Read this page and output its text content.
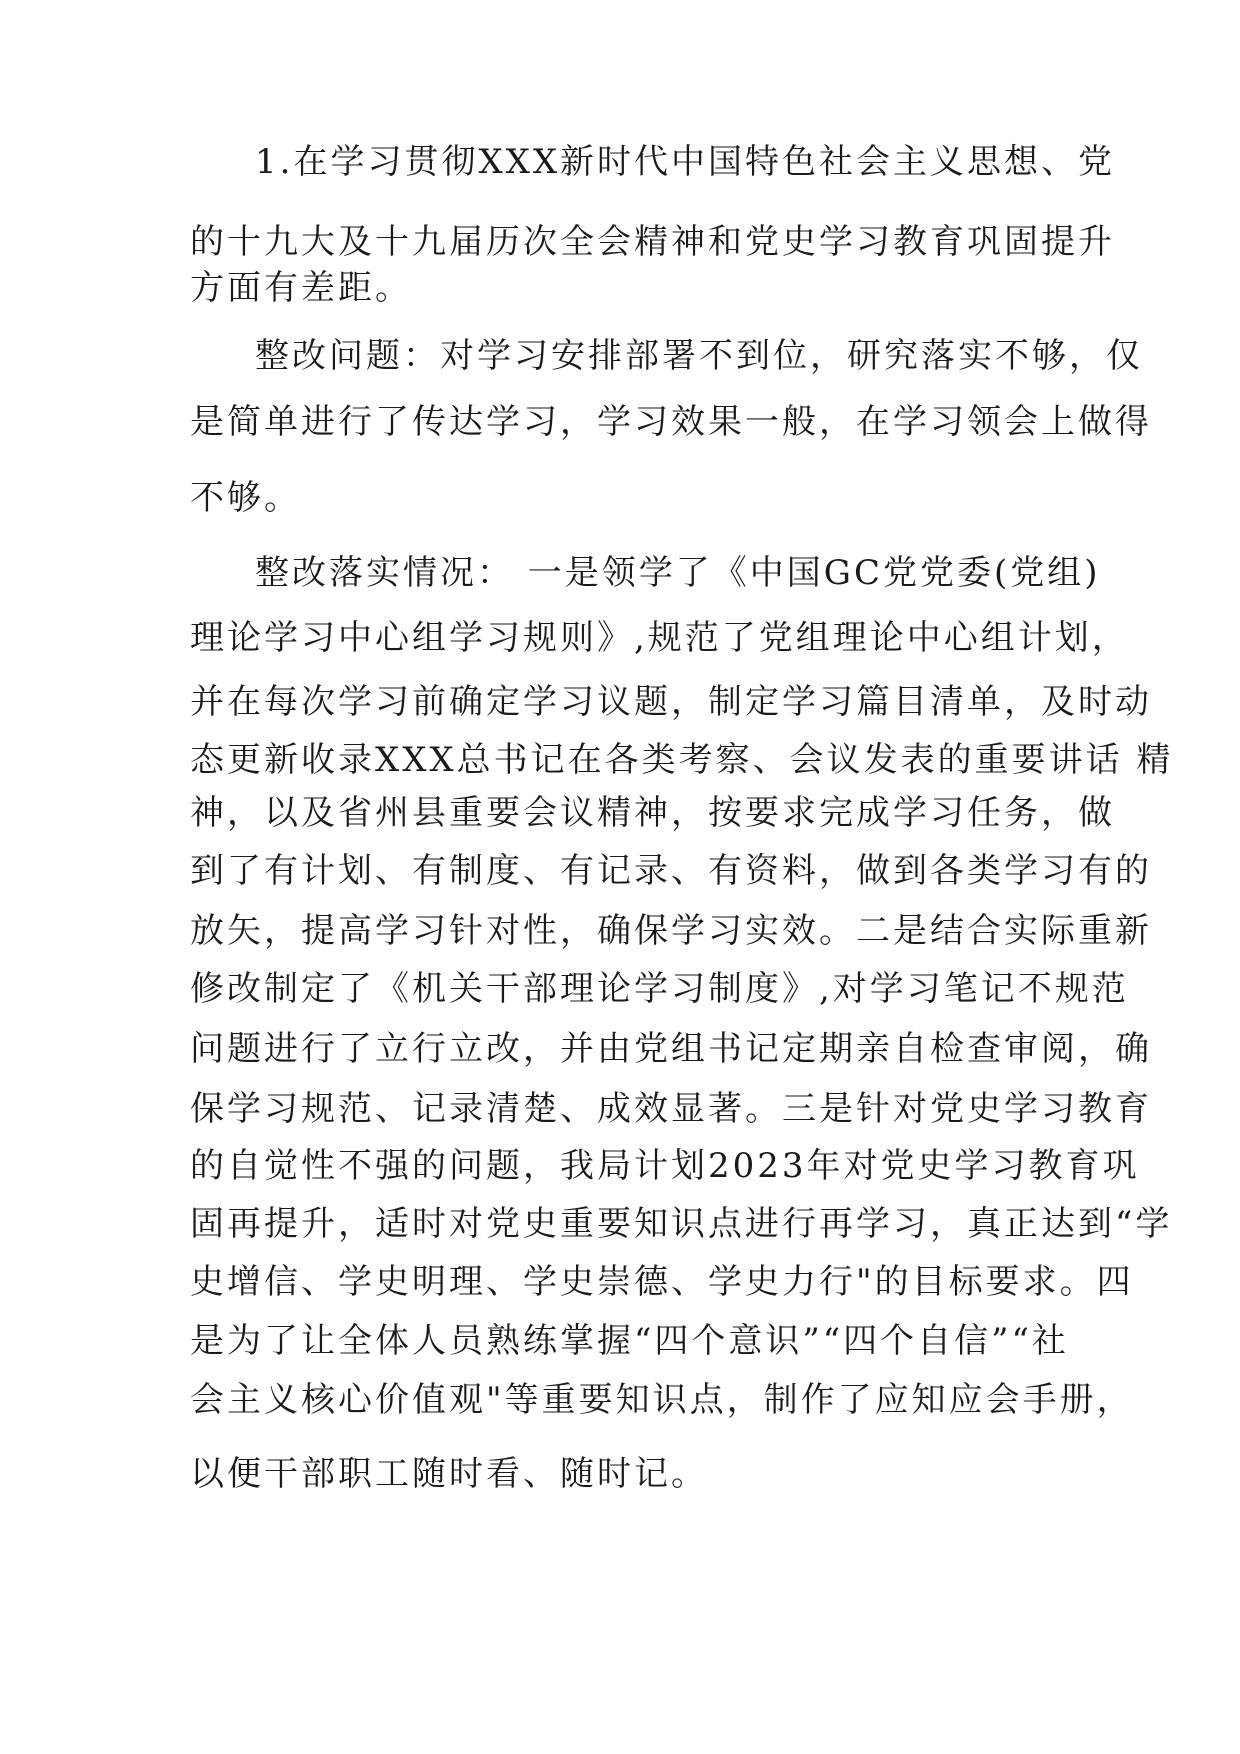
1.在学习贯彻XXX新时代中国特色社会主义思想、党
的十九大及十九届历次全会精神和党史学习教育巩固提升
方面有差距。
整改问题：对学习安排部署不到位，研究落实不够，仅
是简单进行了传达学习，学习效果一般，在学习领会上做得
不够。
整改落实情况： 一是领学了《中国GC党党委(党组)
理论学习中心组学习规则》,规范了党组理论中心组计划，
并在每次学习前确定学习议题，制定学习篇目清单，及时动
态更新收录XXX总书记在各类考察、会议发表的重要讲话 精
神，以及省州县重要会议精神，按要求完成学习任务，做
到了有计划、有制度、有记录、有资料，做到各类学习有的
放矢，提高学习针对性，确保学习实效。二是结合实际重新
修改制定了《机关干部理论学习制度》,对学习笔记不规范
问题进行了立行立改，并由党组书记定期亲自检查审阅，确
保学习规范、记录清楚、成效显著。三是针对党史学习教育
的自觉性不强的问题，我局计划2023年对党史学习教育巩
固再提升，适时对党史重要知识点进行再学习，真正达到“学
史增信、学史明理、学史崇德、学史力行"的目标要求。四
是为了让全体人员熟练掌握“四个意识”“四个自信”“社
会主义核心价值观"等重要知识点，制作了应知应会手册，
以便干部职工随时看、随时记。
